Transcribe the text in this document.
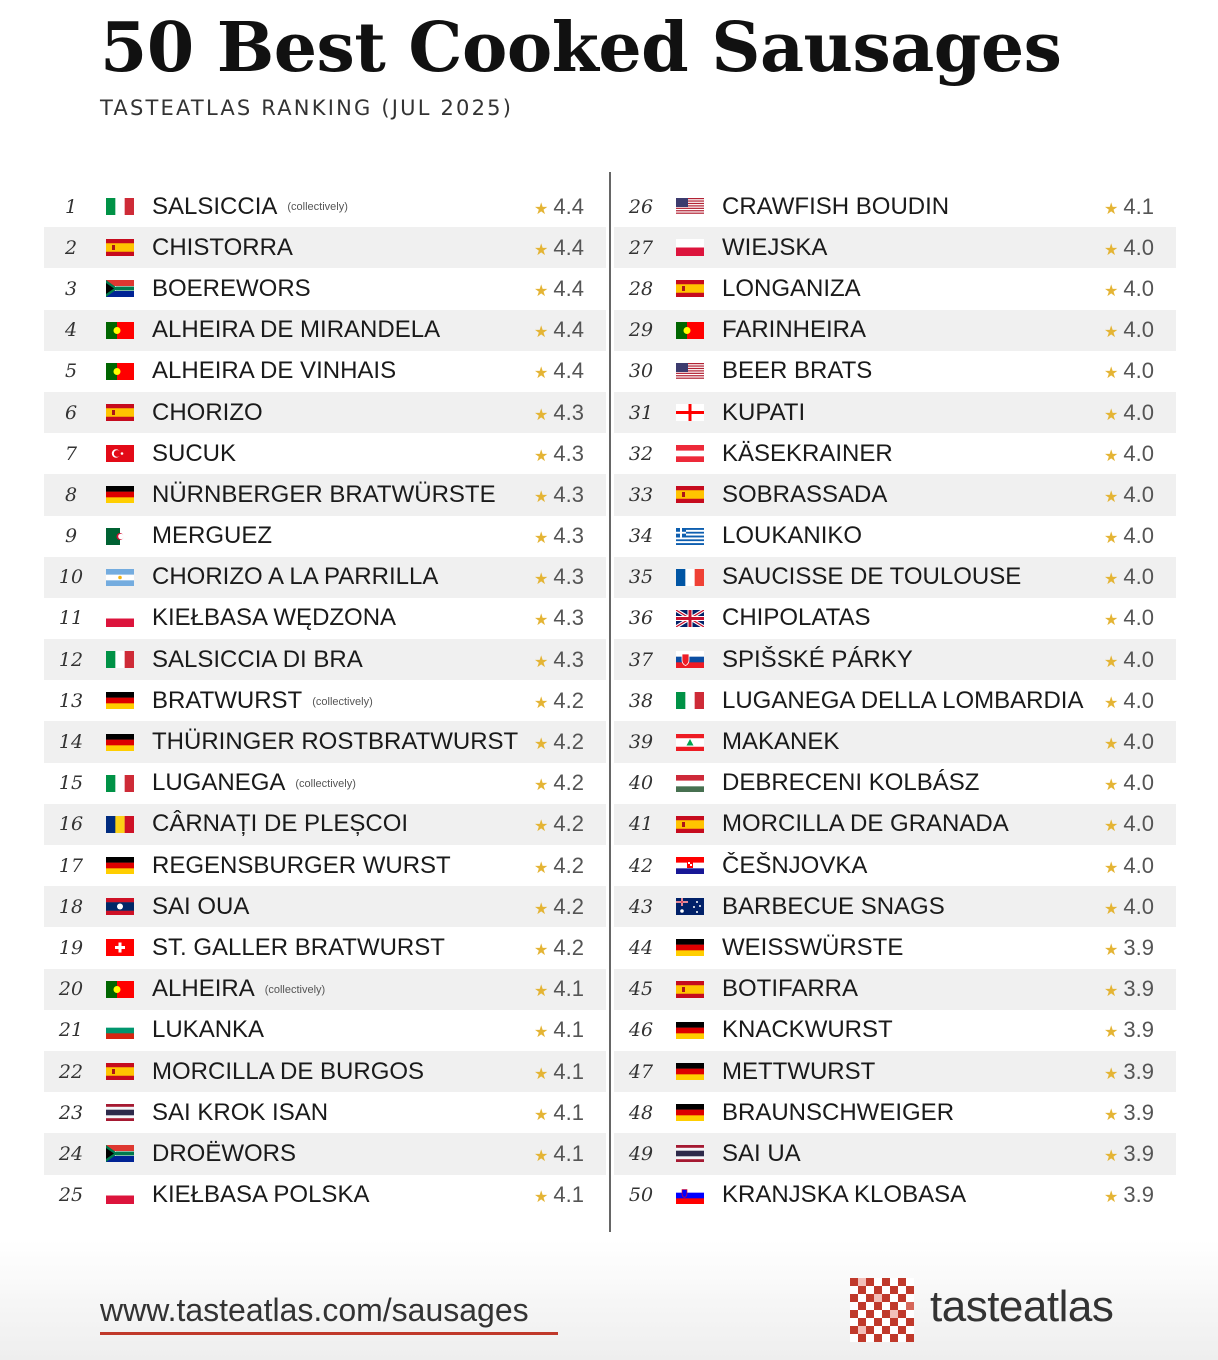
50 Best Cooked Sausages
TASTEATLAS RANKING (JUL 2025)
1	SALSICCIA (collectively)	★ 4.4
2	CHISTORRA	★ 4.4
3	BOEREWORS	★ 4.4
4	ALHEIRA DE MIRANDELA	★ 4.4
5	ALHEIRA DE VINHAIS	★ 4.4
6	CHORIZO	★ 4.3
7	SUCUK	★ 4.3
8	NÜRNBERGER BRATWÜRSTE	★ 4.3
9	MERGUEZ	★ 4.3
10	CHORIZO A LA PARRILLA	★ 4.3
11	KIEŁBASA WĘDZONA	★ 4.3
12	SALSICCIA DI BRA	★ 4.3
13	BRATWURST (collectively)	★ 4.2
14	THÜRINGER ROSTBRATWURST ★ 4.2
15	LUGANEGA (collectively)	★ 4.2
16	CÂRNAȚI DE PLEȘCOI	★ 4.2
17	REGENSBURGER WURST	★ 4.2
18	SAI OUA	★ 4.2
19	ST. GALLER BRATWURST	★ 4.2
20	ALHEIRA (collectively)	★ 4.1
21	LUKANKA	★ 4.1
22	MORCILLA DE BURGOS	★ 4.1
23	SAI KROK ISAN	★ 4.1
24	DROËWORS	★ 4.1
25	KIEŁBASA POLSKA	★ 4.1
26	CRAWFISH BOUDIN	★ 4.1
27	WIEJSKA	★ 4.0
28	LONGANIZA	★ 4.0
29	FARINHEIRA	★ 4.0
30	BEER BRATS	★ 4.0
31	KUPATI	★ 4.0
32	KÄSEKRAINER	★ 4.0
33	SOBRASSADA	★ 4.0
34	LOUKANIKO	★ 4.0
35	SAUCISSE DE TOULOUSE	★ 4.0
36	CHIPOLATAS	★ 4.0
37	SPIŠSKÉ PÁRKY	★ 4.0
38	LUGANEGA DELLA LOMBARDIA	★ 4.0
39	MAKANEK	★ 4.0
40	DEBRECENI KOLBÁSZ	★ 4.0
41	MORCILLA DE GRANADA	★ 4.0
42	ČEŠNJOVKA	★ 4.0
43	BARBECUE SNAGS	★ 4.0
44	WEISSWÜRSTE	★ 3.9
45	BOTIFARRA	★ 3.9
46	KNACKWURST	★ 3.9
47	METTWURST	★ 3.9
48	BRAUNSCHWEIGER	★ 3.9
49	SAI UA	★ 3.9
50	KRANJSKA KLOBASA	★ 3.9
www.tasteatlas.com/sausages	tasteatlas
